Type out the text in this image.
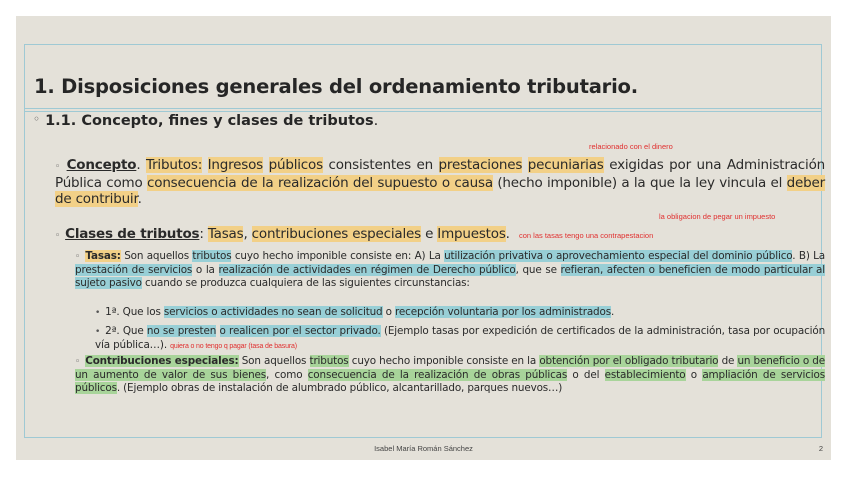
1. Disposiciones generales del ordenamiento tributario.
◦ 1.1. Concepto, fines y clases de tributos.
relacionado con el dinero
◦ Concepto. Tributos: Ingresos públicos consistentes en prestaciones pecuniarias exigidas por una Administración Pública como consecuencia de la realización del supuesto o causa (hecho imponible) a la que la ley vincula el deber de contribuir.
la obligacion de pegar un impuesto
◦ Clases de tributos: Tasas, contribuciones especiales e Impuestos.	con las tasas tengo una contrapestacion
◦ Tasas: Son aquellos tributos cuyo hecho imponible consiste en: A) La utilización privativa o aprovechamiento especial del dominio público. B) La prestación de servicios o la realización de actividades en régimen de Derecho público, que se refieran, afecten o beneficien de modo particular al sujeto pasivo cuando se produzca cualquiera de las siguientes circunstancias:
• 1ª. Que los servicios o actividades no sean de solicitud o recepción voluntaria por los administrados.
• 2ª. Que no se presten o realicen por el sector privado. (Ejemplo tasas por expedición de certificados de la administración, tasa por ocupación vía pública…). quiera o no tengo q pagar (tasa de basura)
◦ Contribuciones especiales: Son aquellos tributos cuyo hecho imponible consiste en la obtención por el obligado tributario de un beneficio o de un aumento de valor de sus bienes, como consecuencia de la realización de obras públicas o del establecimiento o ampliación de servicios públicos. (Ejemplo obras de instalación de alumbrado público, alcantarillado, parques nuevos…)
Isabel María Román Sánchez	2
